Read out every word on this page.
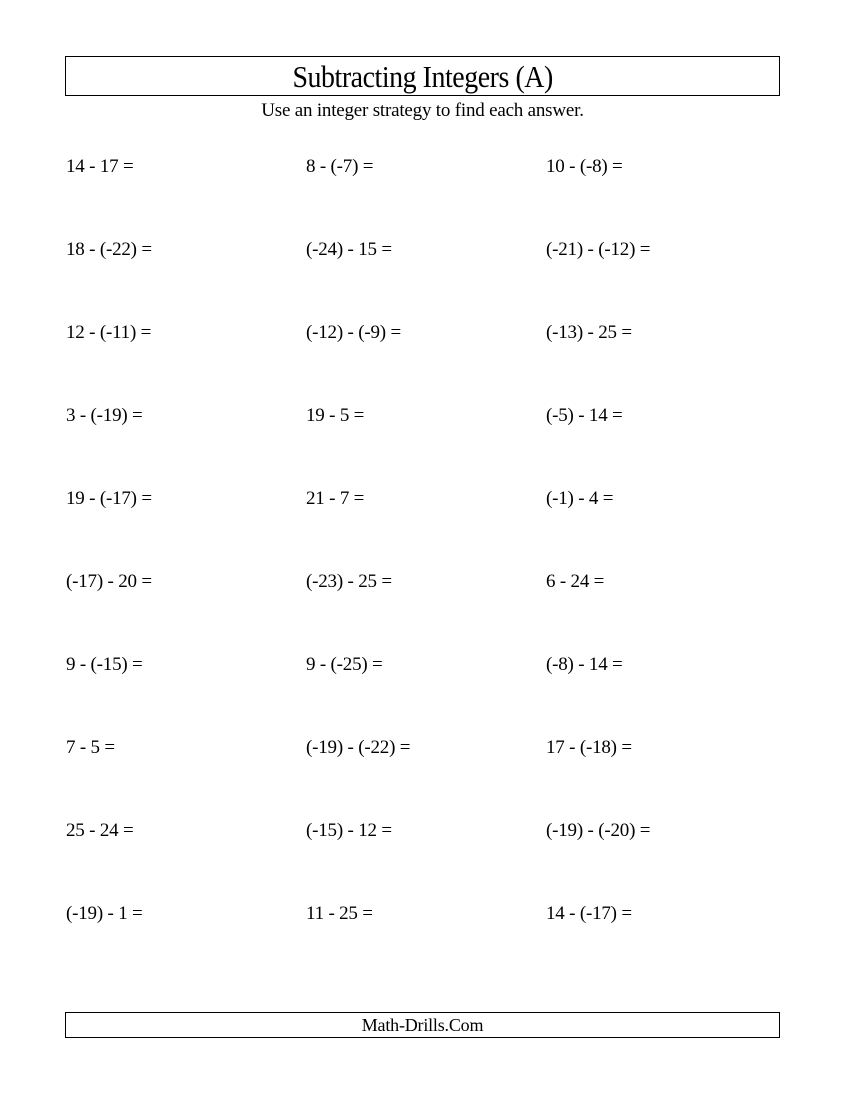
Subtracting Integers (A)
Use an integer strategy to find each answer.
14 - 17 =	8 - (-7) =	10 - (-8) =
18 - (-22) =	(-24) - 15 =	(-21) - (-12) =
12 - (-11) =	(-12) - (-9) =	(-13) - 25 =
3 - (-19) =	19 - 5 =	(-5) - 14 =
19 - (-17) =	21 - 7 =	(-1) - 4 =
(-17) - 20 =	(-23) - 25 =	6 - 24 =
9 - (-15) =	9 - (-25) =	(-8) - 14 =
7 - 5 =	(-19) - (-22) =	17 - (-18) =
25 - 24 =	(-15) - 12 =	(-19) - (-20) =
(-19) - 1 =	11 - 25 =	14 - (-17) =
Math-Drills.Com
